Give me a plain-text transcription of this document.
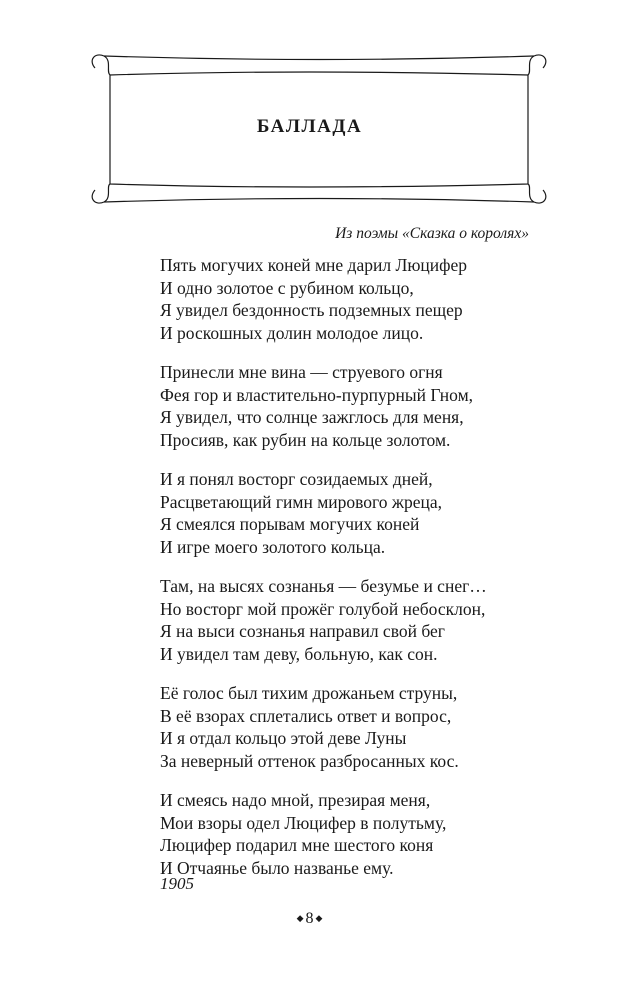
БАЛЛАДА
Из поэмы «Сказка о королях»
Пять могучих коней мне дарил Люцифер
И одно золотое с рубином кольцо,
Я увидел бездонность подземных пещер
И роскошных долин молодое лицо.
Принесли мне вина — струевого огня
Фея гор и властительно-пурпурный Гном,
Я увидел, что солнце зажглось для меня,
Просияв, как рубин на кольце золотом.
И я понял восторг созидаемых дней,
Расцветающий гимн мирового жреца,
Я смеялся порывам могучих коней
И игре моего золотого кольца.
Там, на высях сознанья — безумье и снег…
Но восторг мой прожёг голубой небосклон,
Я на выси сознанья направил свой бег
И увидел там деву, больную, как сон.
Её голос был тихим дрожаньем струны,
В её взорах сплетались ответ и вопрос,
И я отдал кольцо этой деве Луны
За неверный оттенок разбросанных кос.
И смеясь надо мной, презирая меня,
Мои взоры одел Люцифер в полутьму,
Люцифер подарил мне шестого коня
И Отчаянье было названье ему.
1905
◆ 8 ◆
